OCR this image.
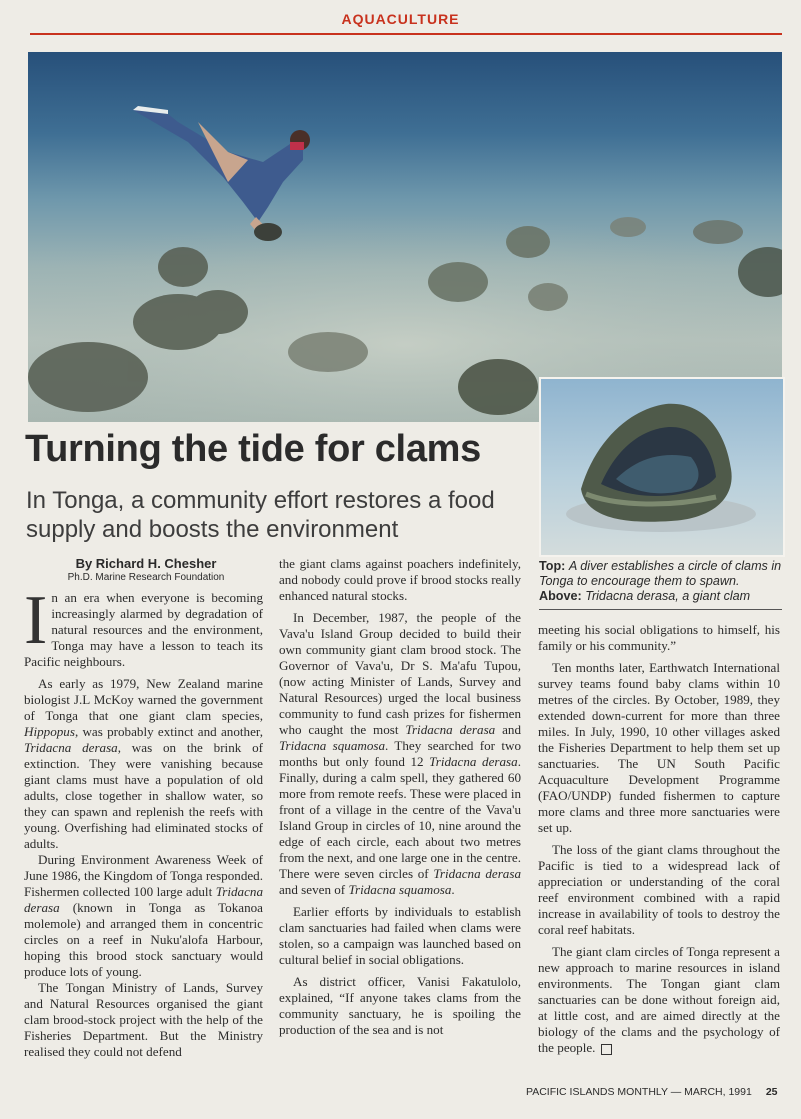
AQUACULTURE
Turning the tide for clams
In Tonga, a community effort restores a food supply and boosts the environment
By Richard H. Chesher
Ph.D. Marine Research Foundation
Top: A diver establishes a circle of clams in Tonga to encourage them to spawn.
Above: Tridacna derasa, a giant clam

In an era when everyone is becoming increasingly alarmed by degradation of natural resources and the environment, Tonga may have a lesson to teach its Pacific neighbours.

As early as 1979, New Zealand marine biologist J.L McKoy warned the government of Tonga that one giant clam species, Hippopus, was probably extinct and another, Tridacna derasa, was on the brink of extinction. They were vanishing because giant clams must have a population of old adults, close together in shallow water, so they can spawn and replenish the reefs with young. Overfishing had eliminated stocks of adults.

During Environment Awareness Week of June 1986, the Kingdom of Tonga responded. Fishermen collected 100 large adult Tridacna derasa (known in Tonga as Tokanoa molemole) and arranged them in concentric circles on a reef in Nuku'alofa Harbour, hoping this brood stock sanctuary would produce lots of young.

The Tongan Ministry of Lands, Survey and Natural Resources organised the giant clam brood-stock project with the help of the Fisheries Department. But the Ministry realised they could not defend

the giant clams against poachers indefinitely, and nobody could prove if brood stocks really enhanced natural stocks.

In December, 1987, the people of the Vava'u Island Group decided to build their own community giant clam brood stock. The Governor of Vava'u, Dr S. Ma'afu Tupou, (now acting Minister of Lands, Survey and Natural Resources) urged the local business community to fund cash prizes for fishermen who caught the most Tridacna derasa and Tridacna squamosa. They searched for two months but only found 12 Tridacna derasa. Finally, during a calm spell, they gathered 60 more from remote reefs. These were placed in front of a village in the centre of the Vava'u Island Group in circles of 10, nine around the edge of each circle, each about two metres from the next, and one large one in the centre. There were seven circles of Tridacna derasa and seven of Tridacna squamosa.

Earlier efforts by individuals to establish clam sanctuaries had failed when clams were stolen, so a campaign was launched based on cultural belief in social obligations.

As district officer, Vanisi Fakatulolo, explained, “If anyone takes clams from the community sanctuary, he is spoiling the production of the sea and is not

meeting his social obligations to himself, his family or his community.”

Ten months later, Earthwatch International survey teams found baby clams within 10 metres of the circles. By October, 1989, they extended down-current for more than three miles. In July, 1990, 10 other villages asked the Fisheries Department to help them set up sanctuaries. The UN South Pacific Acquaculture Development Programme (FAO/UNDP) funded fishermen to capture more clams and three more sanctuaries were set up.

The loss of the giant clams throughout the Pacific is tied to a widespread lack of appreciation or understanding of the coral reef environment combined with a rapid increase in availability of tools to destroy the coral reef habitats.

The giant clam circles of Tonga represent a new approach to marine resources in island environments. The Tongan giant clam sanctuaries can be done without foreign aid, at little cost, and are aimed directly at the biology of the clams and the psychology of the people.

PACIFIC ISLANDS MONTHLY — MARCH, 1991 25
